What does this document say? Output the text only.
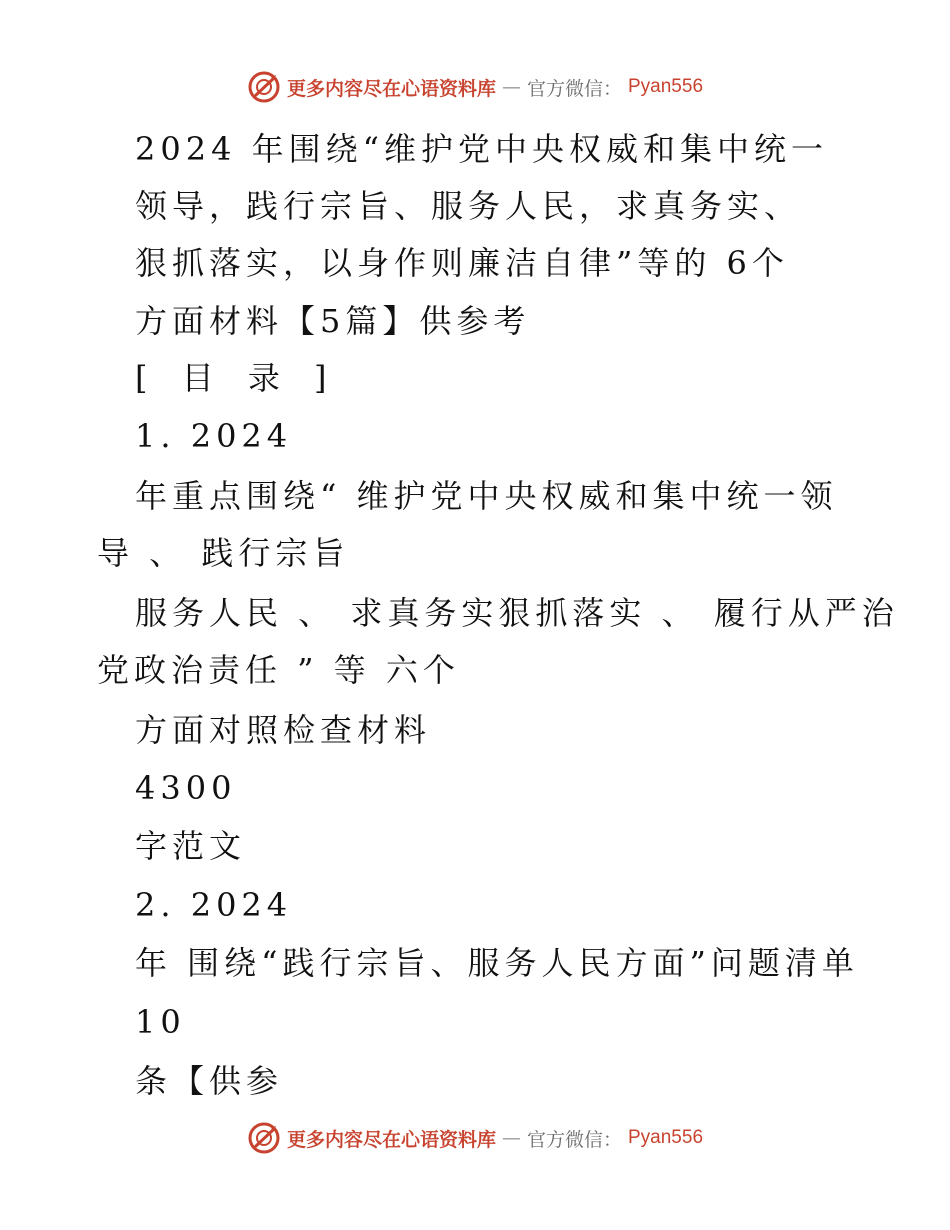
更多内容尽在心语资料库 — 官方微信： Pyan556
2024 年围绕“维护党中央权威和集中统一
领导，践行宗旨、服务人民，求真务实、
狠抓落实，以身作则廉洁自律”等的 6个
方面材料【5篇】供参考
[ 目 录 ]
1. 2024
年重点围绕“ 维护党中央权威和集中统一领
导 、 践行宗旨
服务人民 、 求真务实狠抓落实 、 履行从严治
党政治责任 ” 等 六个
方面对照检查材料
4300
字范文
2. 2024
年 围绕“践行宗旨、服务人民方面”问题清单
10
条【供参
更多内容尽在心语资料库 — 官方微信： Pyan556
